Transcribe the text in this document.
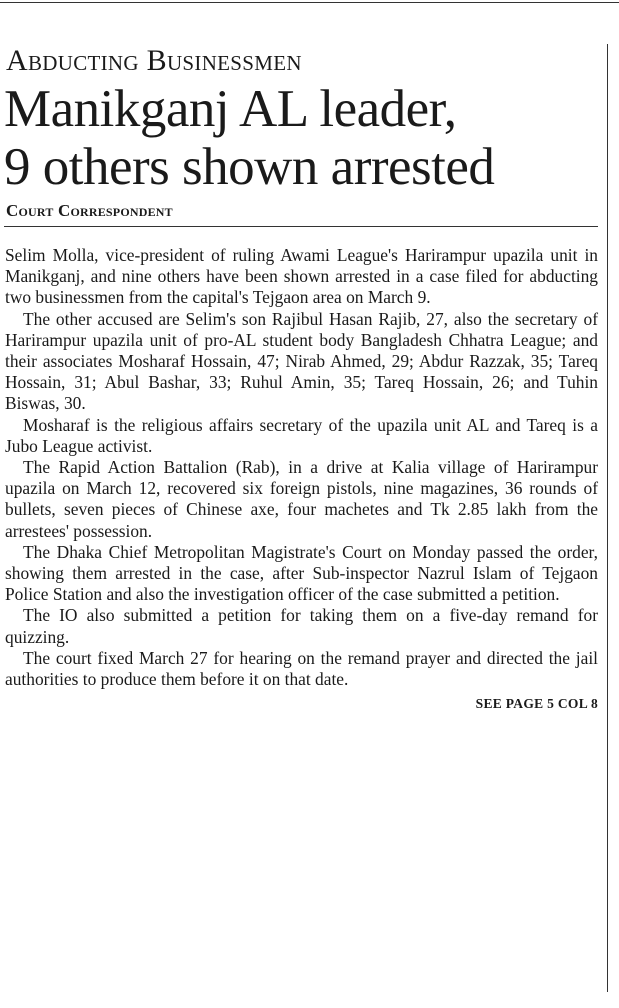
Abducting Businessmen
Manikganj AL leader,
9 others shown arrested
Court Correspondent

Selim Molla, vice-president of ruling Awami League's Harirampur upazila unit in Manikganj, and nine others have been shown arrested in a case filed for abducting two businessmen from the capital's Tejgaon area on March 9.

The other accused are Selim's son Rajibul Hasan Rajib, 27, also the secretary of Harirampur upazila unit of pro-AL student body Bangladesh Chhatra League; and their associates Mosharaf Hossain, 47; Nirab Ahmed, 29; Abdur Razzak, 35; Tareq Hossain, 31; Abul Bashar, 33; Ruhul Amin, 35; Tareq Hossain, 26; and Tuhin Biswas, 30.

Mosharaf is the religious affairs secretary of the upazila unit AL and Tareq is a Jubo League activist.

The Rapid Action Battalion (Rab), in a drive at Kalia village of Harirampur upazila on March 12, recovered six foreign pistols, nine magazines, 36 rounds of bullets, seven pieces of Chinese axe, four machetes and Tk 2.85 lakh from the arrestees' possession.

The Dhaka Chief Metropolitan Magistrate's Court on Monday passed the order, showing them arrested in the case, after Sub-inspector Nazrul Islam of Tejgaon Police Station and also the investigation officer of the case submitted a petition.

The IO also submitted a petition for taking them on a five-day remand for quizzing.

The court fixed March 27 for hearing on the remand prayer and directed the jail authorities to produce them before it on that date.

SEE PAGE 5 COL 8
